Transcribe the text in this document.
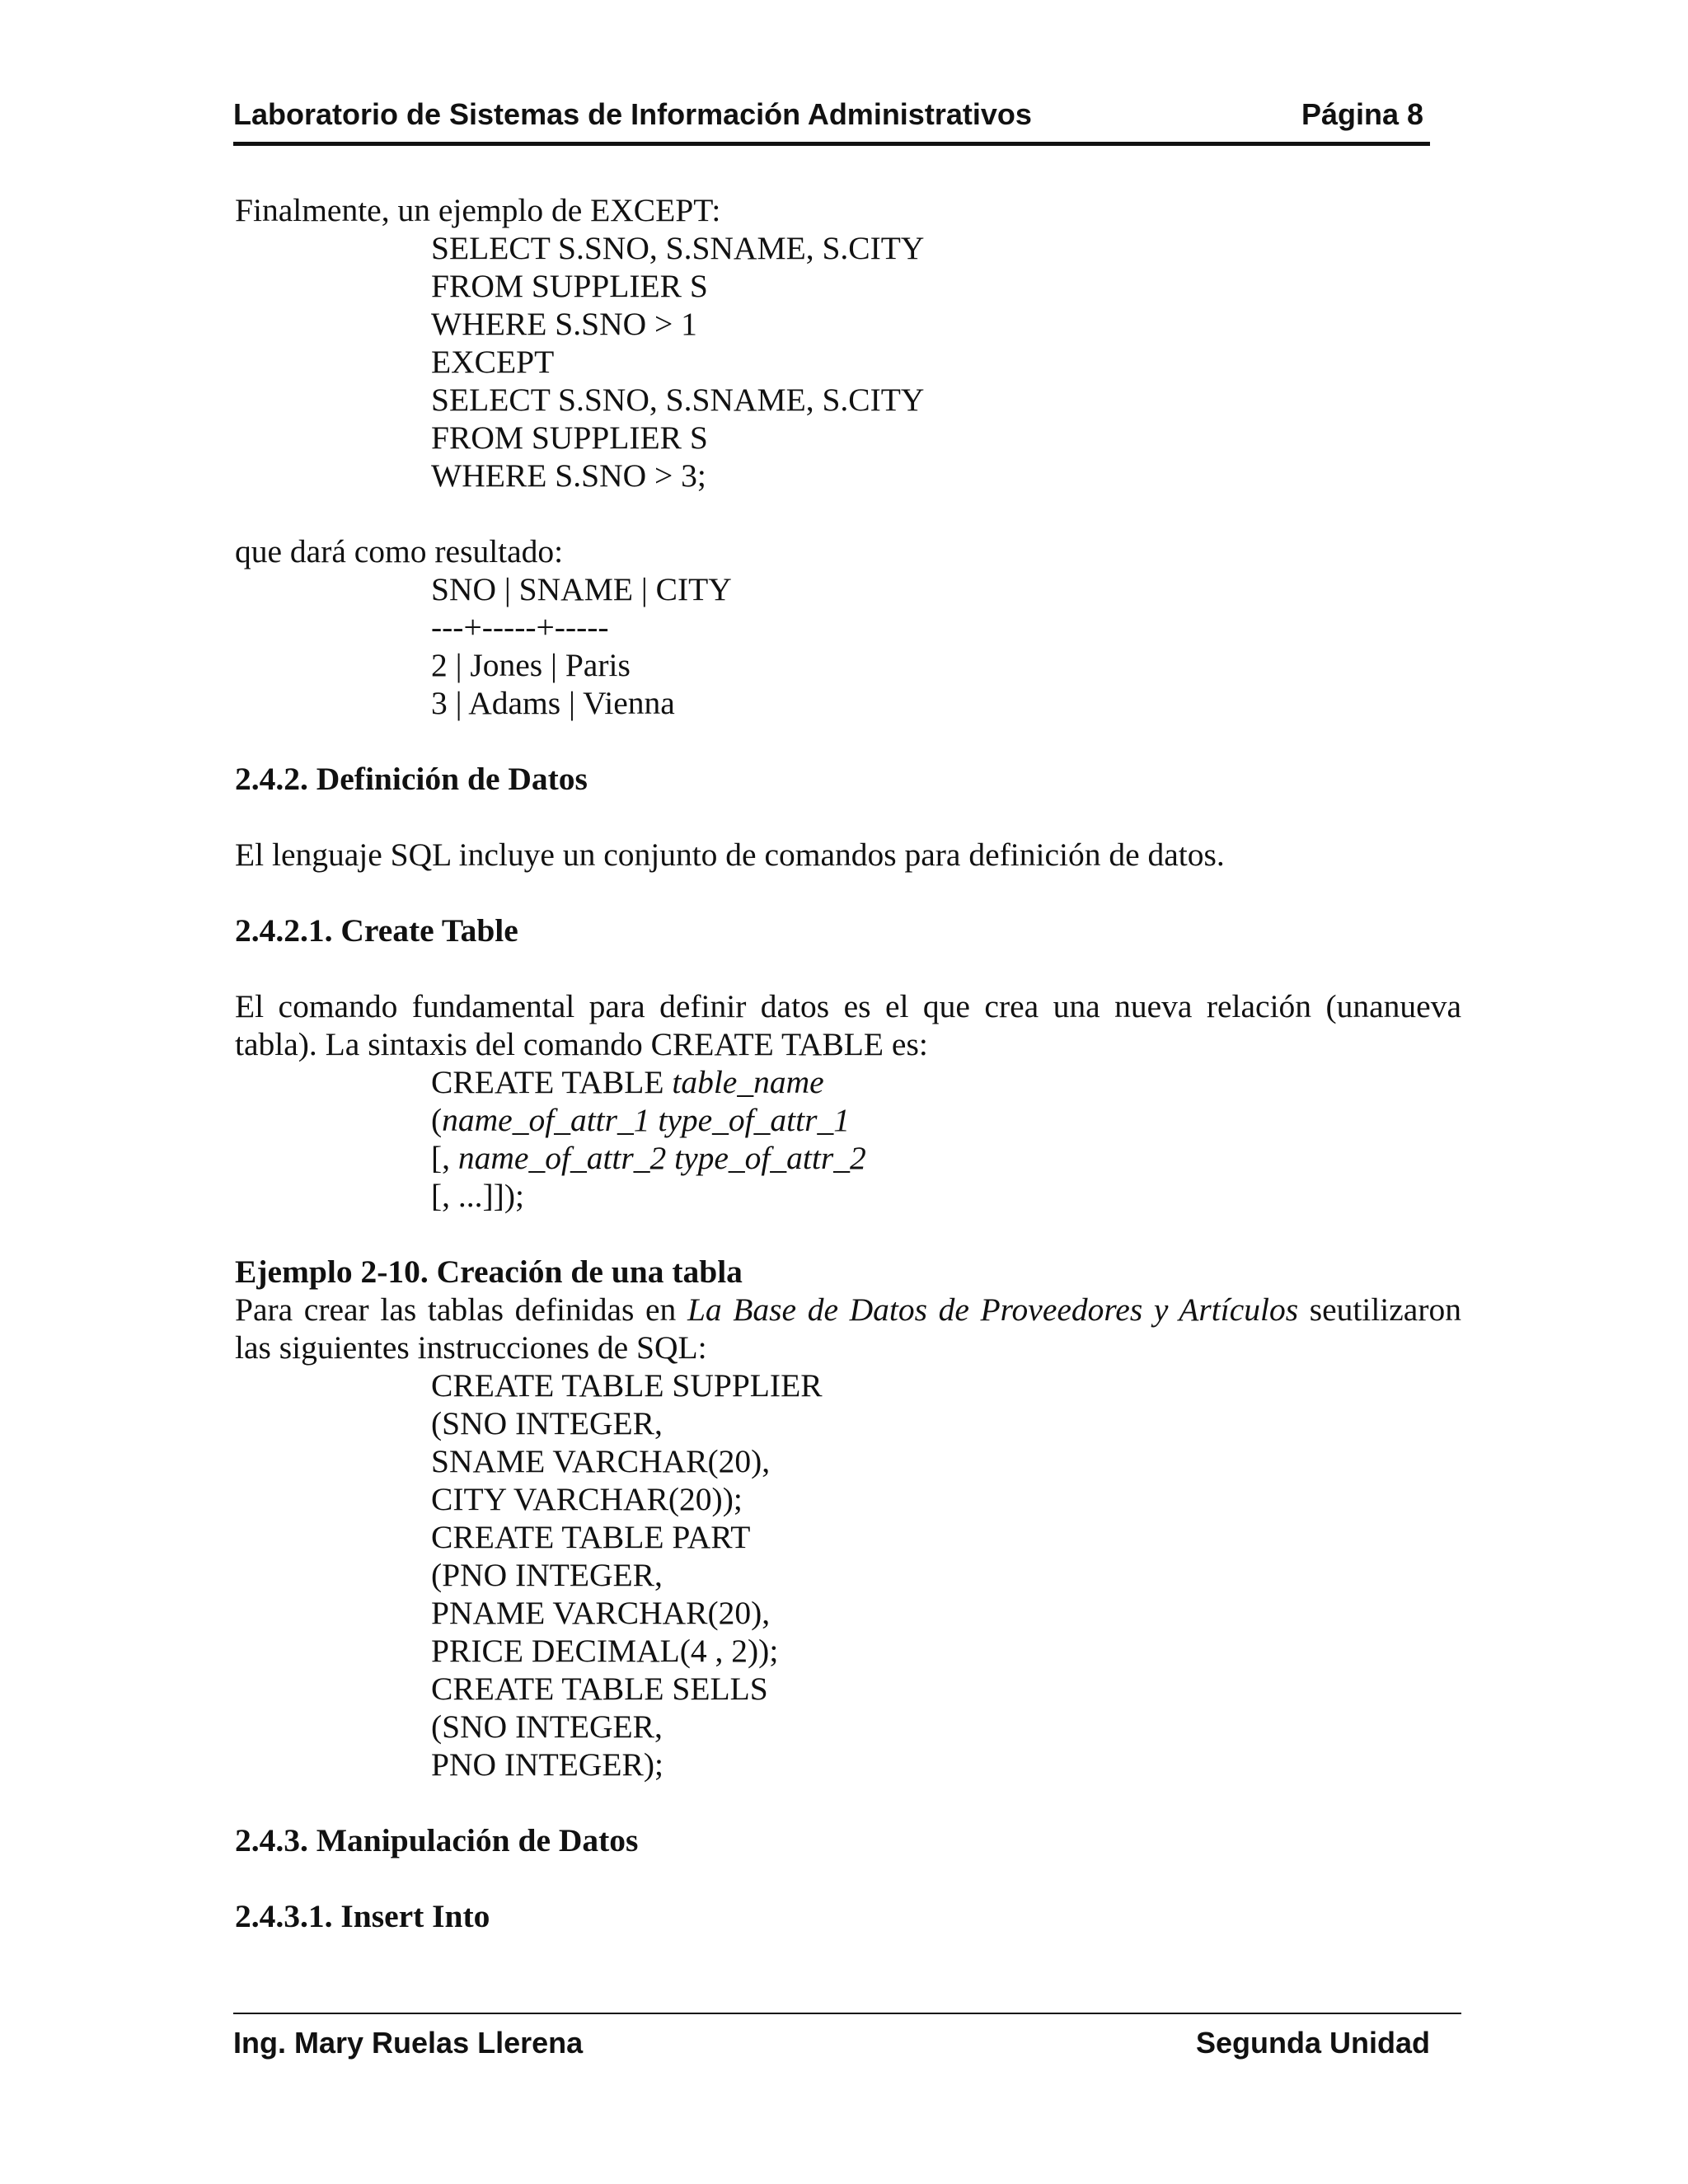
Laboratorio de Sistemas de Información Administrativos	Página 8

Finalmente, un ejemplo de EXCEPT:

SELECT S.SNO, S.SNAME, S.CITY
FROM SUPPLIER S
WHERE S.SNO > 1
EXCEPT
SELECT S.SNO, S.SNAME, S.CITY
FROM SUPPLIER S
WHERE S.SNO > 3;

que dará como resultado:

SNO | SNAME | CITY
---+-----+-----
2 | Jones | Paris
3 | Adams | Vienna

2.4.2. Definición de Datos

El lenguaje SQL incluye un conjunto de comandos para definición de datos.

2.4.2.1. Create Table

El comando fundamental para definir datos es el que crea una nueva relación (unanueva tabla). La sintaxis del comando CREATE TABLE es:

CREATE TABLE table_name
(name_of_attr_1 type_of_attr_1
[, name_of_attr_2 type_of_attr_2
[, ...]]);

Ejemplo 2-10. Creación de una tabla

Para crear las tablas definidas en La Base de Datos de Proveedores y Artículos seutilizaron las siguientes instrucciones de SQL:

CREATE TABLE SUPPLIER
(SNO INTEGER,
SNAME VARCHAR(20),
CITY VARCHAR(20));
CREATE TABLE PART
(PNO INTEGER,
PNAME VARCHAR(20),
PRICE DECIMAL(4 , 2));
CREATE TABLE SELLS
(SNO INTEGER,
PNO INTEGER);

2.4.3. Manipulación de Datos

2.4.3.1. Insert Into

Ing. Mary Ruelas Llerena	Segunda Unidad
